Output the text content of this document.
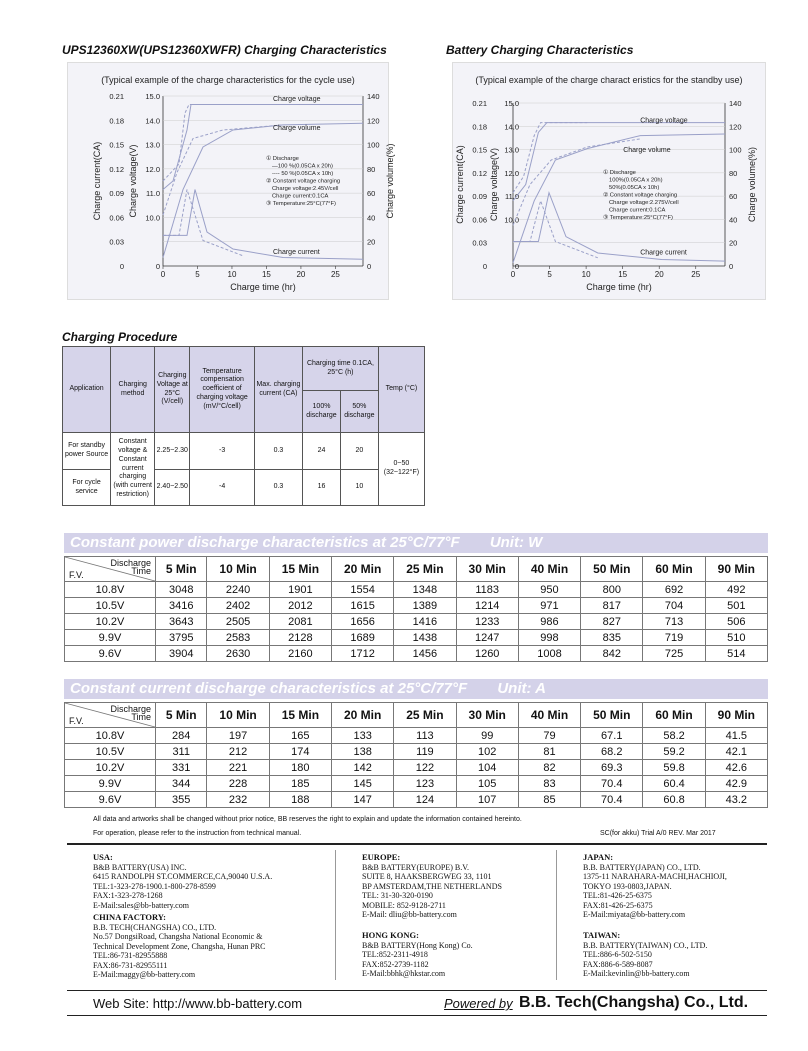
UPS12360XW(UPS12360XWFR) Charging Characteristics	Battery Charging Characteristics
(Typical example of the charge characteristics for the cycle use)
0.21	15.0	140
0.18	14.0	120
0.15	13.0	100
0.12	12.0	80
0.09	11.0	60
0.06	10.0	40
0.03	20
0	0	0
0	5	10	15	20	25
Charge time (hr)
Charge current(CA)	Charge voltage(V)	Charge volume(%)
Charge voltage
Charge volume
Charge current
① Discharge
—100 %(0.05CA x 20h)
---- 50 %(0.05CA x 10h)
② Constant voltage charging
Charge voltage:2.45V/cell
Charge current:0.1CA
③ Temperature:25°C(77°F)
(Typical example of the charge charact eristics for the standby use)
0.21 15.0	140
0.18 14.0	120
0.15 13.0	100
0.12 12.0	80
0.09 11.0	60
0.06 10.0	40
0.03	20
0	0	0
0	5	10	15	20	25
Charge time (hr)
Charge current(CA)	Charge voltage(V)	Charge volume(%)
Charge voltage
Charge volume
Charge current
① Discharge
100%(0.05CA x 20h)
50%(0.05CA x 10h)
② Constant voltage charging
Charge voltage:2.275V/cell
Charge current:0.1CA
③ Temperature:25°C(77°F)
Charging Procedure
Application	Charging method	Charging Voltage at 25°C (V/cell)	Temperature compensation coefficient of charging voltage (mV/°C/cell)	Max. charging current (CA)	Charging time 0.1CA, 25°C (h)		Temp (°C)
					100% discharge	50% discharge	
For standby power Source	Constant voltage & Constant current charging (with current restriction)	2.25~2.30	-3	0.3	24	20	0~50 (32~122°F)
For cycle service		2.40~2.50	-4	0.3	16	10	
Constant power discharge characteristics at 25°C/77°F Unit: W
Discharge
Time
F.V.	5 Min	10 Min	15 Min	20 Min	25 Min	30 Min	40 Min	50 Min	60 Min	90 Min
10.8V	3048	2240	1901	1554	1348	1183	950	800	692	492
10.5V	3416	2402	2012	1615	1389	1214	971	817	704	501
10.2V	3643	2505	2081	1656	1416	1233	986	827	713	506
9.9V	3795	2583	2128	1689	1438	1247	998	835	719	510
9.6V	3904	2630	2160	1712	1456	1260	1008	842	725	514
Constant current discharge characteristics at 25°C/77°F Unit: A
Discharge
Time
F.V.	5 Min	10 Min	15 Min	20 Min	25 Min	30 Min	40 Min	50 Min	60 Min	90 Min
10.8V	284	197	165	133	113	99	79	67.1	58.2	41.5
10.5V	311	212	174	138	119	102	81	68.2	59.2	42.1
10.2V	331	221	180	142	122	104	82	69.3	59.8	42.6
9.9V	344	228	185	145	123	105	83	70.4	60.4	42.9
9.6V	355	232	188	147	124	107	85	70.4	60.8	43.2
All data and artworks shall be changed without prior notice, BB reserves the right to explain and update the information contained hereinto.
For operation, please refer to the instruction from technical manual.	SC(for akku) Trial A/0 REV. Mar 2017
USA:
B&B BATTERY(USA) INC.
6415 RANDOLPH ST.COMMERCE,CA,90040 U.S.A.
TEL:1-323-278-1900.1-800-278-8599
FAX:1-323-278-1268
E-Mail:sales@bb-battery.com
CHINA FACTORY:
B.B. TECH(CHANGSHA) CO., LTD.
No.57 DongsiRoad, Changsha National Economic &
Technical Development Zone, Changsha, Hunan PRC
TEL:86-731-82955888
FAX:86-731-82955111
E-Mail:maggy@bb-battery.com
EUROPE:
B&B BATTERY(EUROPE) B.V.
SUITE 8, HAAKSBERGWEG 33, 1101
BP AMSTERDAM,THE NETHERLANDS
TEL: 31-30-320-0190
MOBILE: 852-9128-2711
E-Mail: dliu@bb-battery.com
HONG KONG:
B&B BATTERY(Hong Kong) Co.
TEL:852-2311-4918
FAX:852-2739-1182
E-Mail:bbhk@hkstar.com
JAPAN:
B.B. BATTERY(JAPAN) CO., LTD.
1375-11 NARAHARA-MACHI,HACHIOJI,
TOKYO 193-0803,JAPAN.
TEL:81-426-25-6375
FAX:81-426-25-6375
E-Mail:miyata@bb-battery.com
TAIWAN:
B.B. BATTERY(TAIWAN) CO., LTD.
TEL:886-6-502-5150
FAX:886-6-589-8087
E-Mail:kevinlin@bb-battery.com
Web Site: http://www.bb-battery.com	Powered by B.B. Tech(Changsha) Co., Ltd.
